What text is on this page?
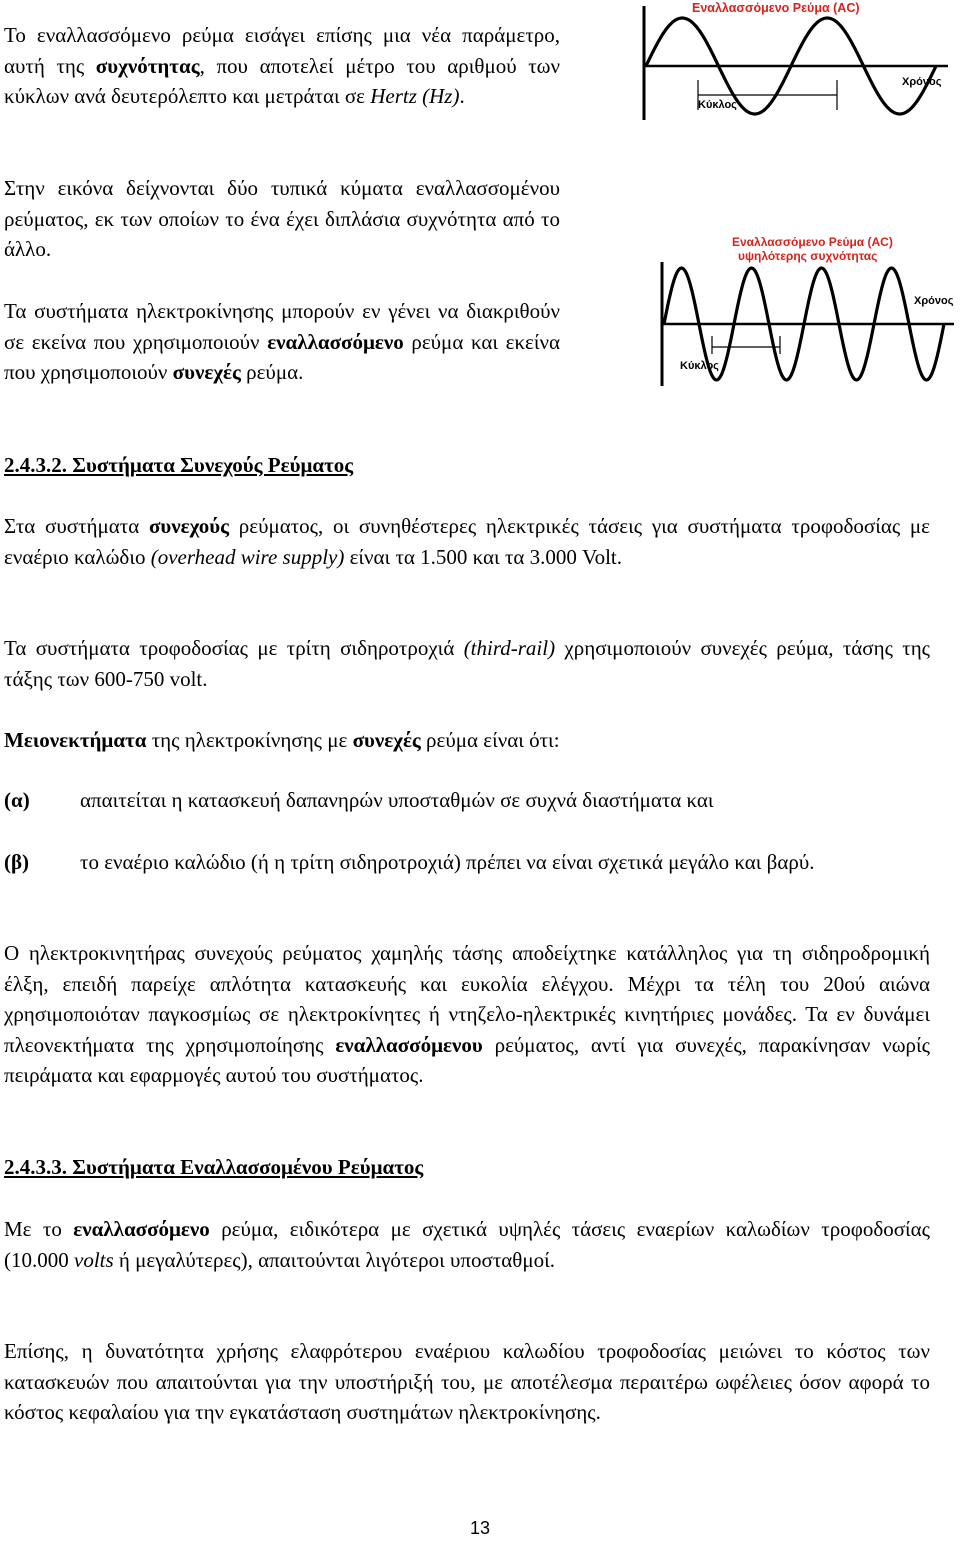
Το εναλλασσόμενο ρεύμα εισάγει επίσης μια νέα παράμετρο, αυτή της συχνότητας, που αποτελεί μέτρο του αριθμού των κύκλων ανά δευτερόλεπτο και μετράται σε Hertz (Hz).

Στην εικόνα δείχνονται δύο τυπικά κύματα εναλλασσομένου ρεύματος, εκ των οποίων το ένα έχει διπλάσια συχνότητα από το άλλο.

Τα συστήματα ηλεκτροκίνησης μπορούν εν γένει να διακριθούν σε εκείνα που χρησιμοποιούν εναλλασσόμενο ρεύμα και εκείνα που χρησιμοποιούν συνεχές ρεύμα.

Εναλλασσόμενο Ρεύμα (AC)
Χρόνος
Κύκλος
Εναλλασσόμενο Ρεύμα (AC)
υψηλότερης συχνότητας
Χρόνος
Κύκλος

2.4.3.2. Συστήματα Συνεχούς Ρεύματος

Στα συστήματα συνεχούς ρεύματος, οι συνηθέστερες ηλεκτρικές τάσεις για συστήματα τροφοδοσίας με εναέριο καλώδιο (overhead wire supply) είναι τα 1.500 και τα 3.000 Volt.

Τα συστήματα τροφοδοσίας με τρίτη σιδηροτροχιά (third-rail) χρησιμοποιούν συνεχές ρεύμα, τάσης της τάξης των 600-750 volt.

Μειονεκτήματα της ηλεκτροκίνησης με συνεχές ρεύμα είναι ότι:

(α) απαιτείται η κατασκευή δαπανηρών υποσταθμών σε συχνά διαστήματα και

(β) το εναέριο καλώδιο (ή η τρίτη σιδηροτροχιά) πρέπει να είναι σχετικά μεγάλο και βαρύ.

Ο ηλεκτροκινητήρας συνεχούς ρεύματος χαμηλής τάσης αποδείχτηκε κατάλληλος για τη σιδηροδρομική έλξη, επειδή παρείχε απλότητα κατασκευής και ευκολία ελέγχου. Μέχρι τα τέλη του 20ού αιώνα χρησιμοποιόταν παγκοσμίως σε ηλεκτροκίνητες ή ντηζελο-ηλεκτρικές κινητήριες μονάδες. Τα εν δυνάμει πλεονεκτήματα της χρησιμοποίησης εναλλασσόμενου ρεύματος, αντί για συνεχές, παρακίνησαν νωρίς πειράματα και εφαρμογές αυτού του συστήματος.

2.4.3.3. Συστήματα Εναλλασσομένου Ρεύματος

Με το εναλλασσόμενο ρεύμα, ειδικότερα με σχετικά υψηλές τάσεις εναερίων καλωδίων τροφοδοσίας (10.000 volts ή μεγαλύτερες), απαιτούνται λιγότεροι υποσταθμοί.

Επίσης, η δυνατότητα χρήσης ελαφρότερου εναέριου καλωδίου τροφοδοσίας μειώνει το κόστος των κατασκευών που απαιτούνται για την υποστήριξή του, με αποτέλεσμα περαιτέρω ωφέλειες όσον αφορά το κόστος κεφαλαίου για την εγκατάσταση συστημάτων ηλεκτροκίνησης.

13
